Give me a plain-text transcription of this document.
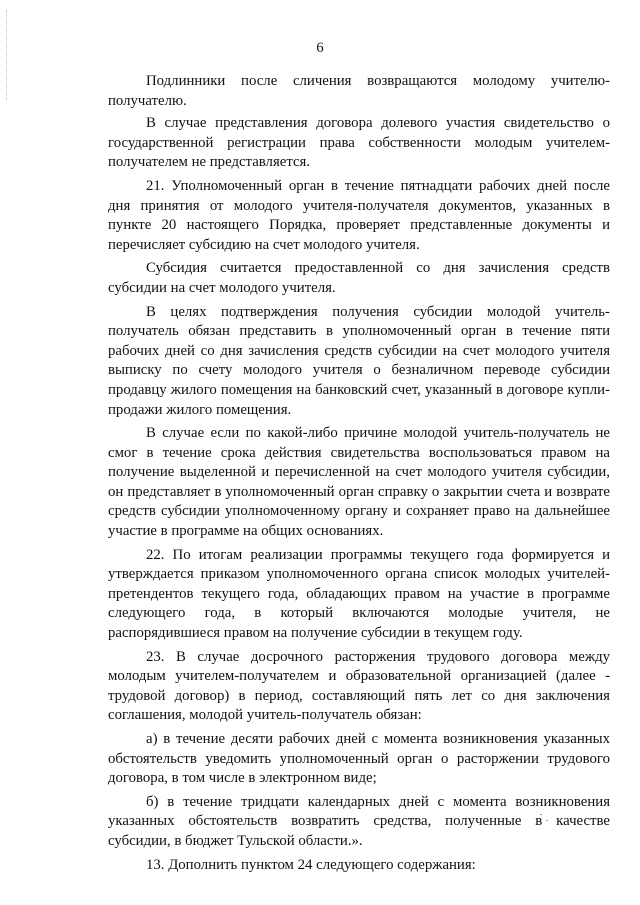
6

Подлинники после сличения возвращаются молодому учителю-получателю.

В случае представления договора долевого участия свидетельство о государственной регистрации права собственности молодым учителем-получателем не представляется.

21. Уполномоченный орган в течение пятнадцати рабочих дней после дня принятия от молодого учителя-получателя документов, указанных в пункте 20 настоящего Порядка, проверяет представленные документы и перечисляет субсидию на счет молодого учителя.

Субсидия считается предоставленной со дня зачисления средств субсидии на счет молодого учителя.

В целях подтверждения получения субсидии молодой учитель-получатель обязан представить в уполномоченный орган в течение пяти рабочих дней со дня зачисления средств субсидии на счет молодого учителя выписку по счету молодого учителя о безналичном переводе субсидии продавцу жилого помещения на банковский счет, указанный в договоре купли-продажи жилого помещения.

В случае если по какой-либо причине молодой учитель-получатель не смог в течение срока действия свидетельства воспользоваться правом на получение выделенной и перечисленной на счет молодого учителя субсидии, он представляет в уполномоченный орган справку о закрытии счета и возврате средств субсидии уполномоченному органу и сохраняет право на дальнейшее участие в программе на общих основаниях.

22. По итогам реализации программы текущего года формируется и утверждается приказом уполномоченного органа список молодых учителей-претендентов текущего года, обладающих правом на участие в программе следующего года, в который включаются молодые учителя, не распорядившиеся правом на получение субсидии в текущем году.

23. В случае досрочного расторжения трудового договора между молодым учителем-получателем и образовательной организацией (далее - трудовой договор) в период, составляющий пять лет со дня заключения соглашения, молодой учитель-получатель обязан:

а) в течение десяти рабочих дней с момента возникновения указанных обстоятельств уведомить уполномоченный орган о расторжении трудового договора, в том числе в электронном виде;

б) в течение тридцати календарных дней с момента возникновения указанных обстоятельств возвратить средства, полученные в качестве субсидии, в бюджет Тульской области.».

13. Дополнить пунктом 24 следующего содержания:
